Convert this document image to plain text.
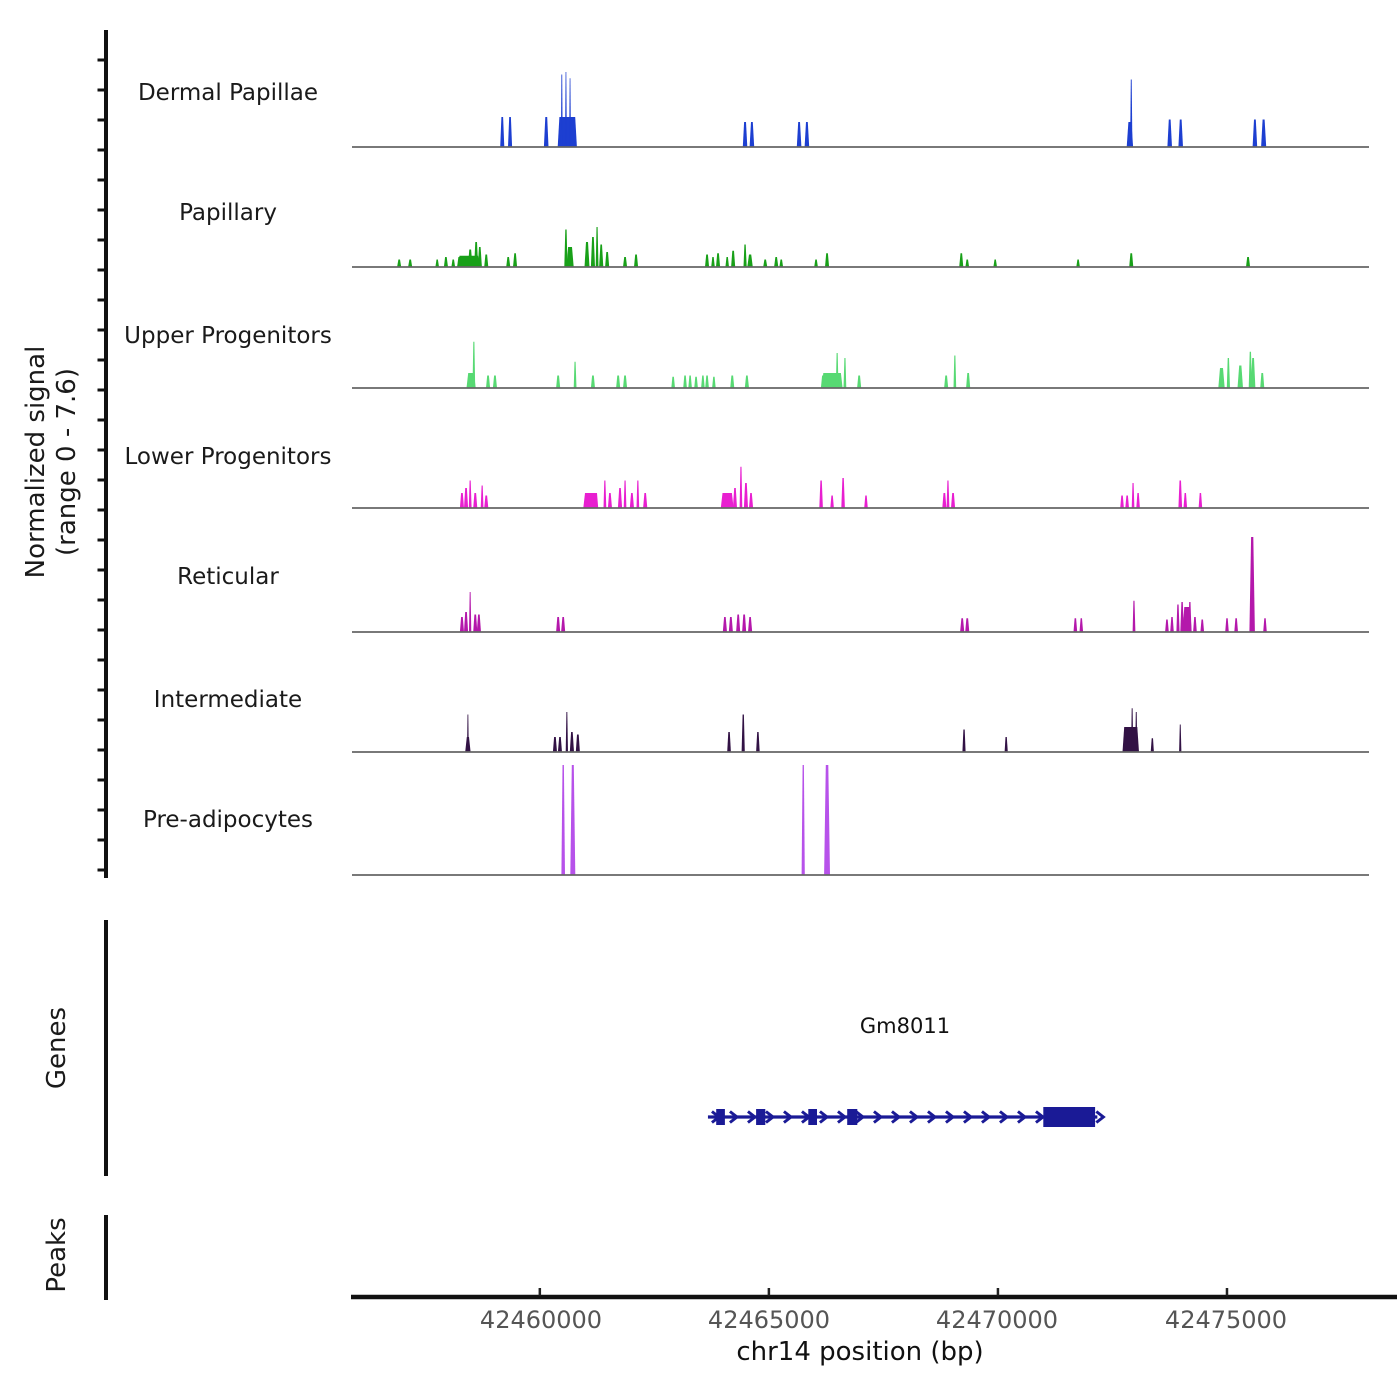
Normalized signal (range 0 - 7.6)
Dermal Papillae
Papillary
Upper Progenitors
Lower Progenitors
Reticular
Intermediate
Pre-adipocytes
Genes
Peaks
Gm8011
42460000	42465000	42470000	42475000
chr14 position (bp)
